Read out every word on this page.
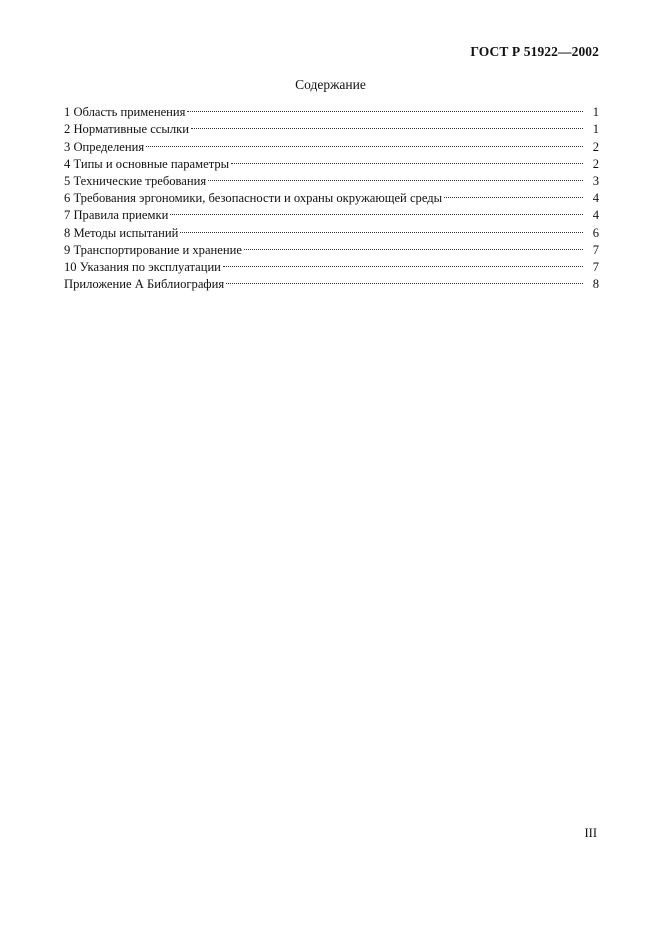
ГОСТ Р 51922—2002
Содержание
1 Область применения	1
2 Нормативные ссылки	1
3 Определения	2
4 Типы и основные параметры	2
5 Технические требования	3
6 Требования эргономики, безопасности и охраны окружающей среды	4
7 Правила приемки	4
8 Методы испытаний	6
9 Транспортирование и хранение	7
10 Указания по эксплуатации	7
Приложение А Библиография	8
III
